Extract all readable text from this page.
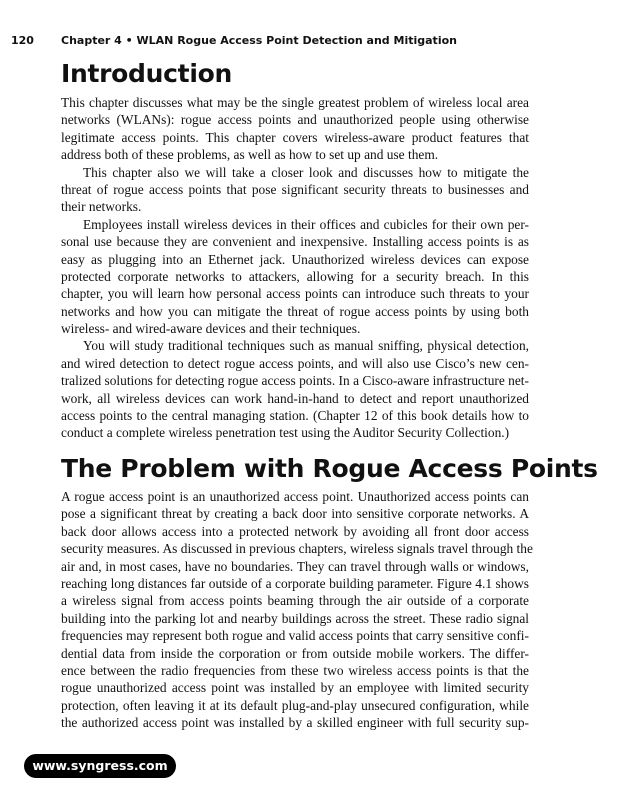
120 Chapter 4 • WLAN Rogue Access Point Detection and Mitigation
Introduction
This chapter discusses what may be the single greatest problem of wireless local area
networks (WLANs): rogue access points and unauthorized people using otherwise
legitimate access points. This chapter covers wireless-aware product features that
address both of these problems, as well as how to set up and use them.
This chapter also we will take a closer look and discusses how to mitigate the
threat of rogue access points that pose significant security threats to businesses and
their networks.
Employees install wireless devices in their offices and cubicles for their own per-
sonal use because they are convenient and inexpensive. Installing access points is as
easy as plugging into an Ethernet jack. Unauthorized wireless devices can expose
protected corporate networks to attackers, allowing for a security breach. In this
chapter, you will learn how personal access points can introduce such threats to your
networks and how you can mitigate the threat of rogue access points by using both
wireless- and wired-aware devices and their techniques.
You will study traditional techniques such as manual sniffing, physical detection,
and wired detection to detect rogue access points, and will also use Cisco’s new cen-
tralized solutions for detecting rogue access points. In a Cisco-aware infrastructure net-
work, all wireless devices can work hand-in-hand to detect and report unauthorized
access points to the central managing station. (Chapter 12 of this book details how to
conduct a complete wireless penetration test using the Auditor Security Collection.)
The Problem with Rogue Access Points
A rogue access point is an unauthorized access point. Unauthorized access points can
pose a significant threat by creating a back door into sensitive corporate networks. A
back door allows access into a protected network by avoiding all front door access
security measures. As discussed in previous chapters, wireless signals travel through the
air and, in most cases, have no boundaries. They can travel through walls or windows,
reaching long distances far outside of a corporate building parameter. Figure 4.1 shows
a wireless signal from access points beaming through the air outside of a corporate
building into the parking lot and nearby buildings across the street. These radio signal
frequencies may represent both rogue and valid access points that carry sensitive confi-
dential data from inside the corporation or from outside mobile workers. The differ-
ence between the radio frequencies from these two wireless access points is that the
rogue unauthorized access point was installed by an employee with limited security
protection, often leaving it at its default plug-and-play unsecured configuration, while
the authorized access point was installed by a skilled engineer with full security sup-
www.syngress.com
